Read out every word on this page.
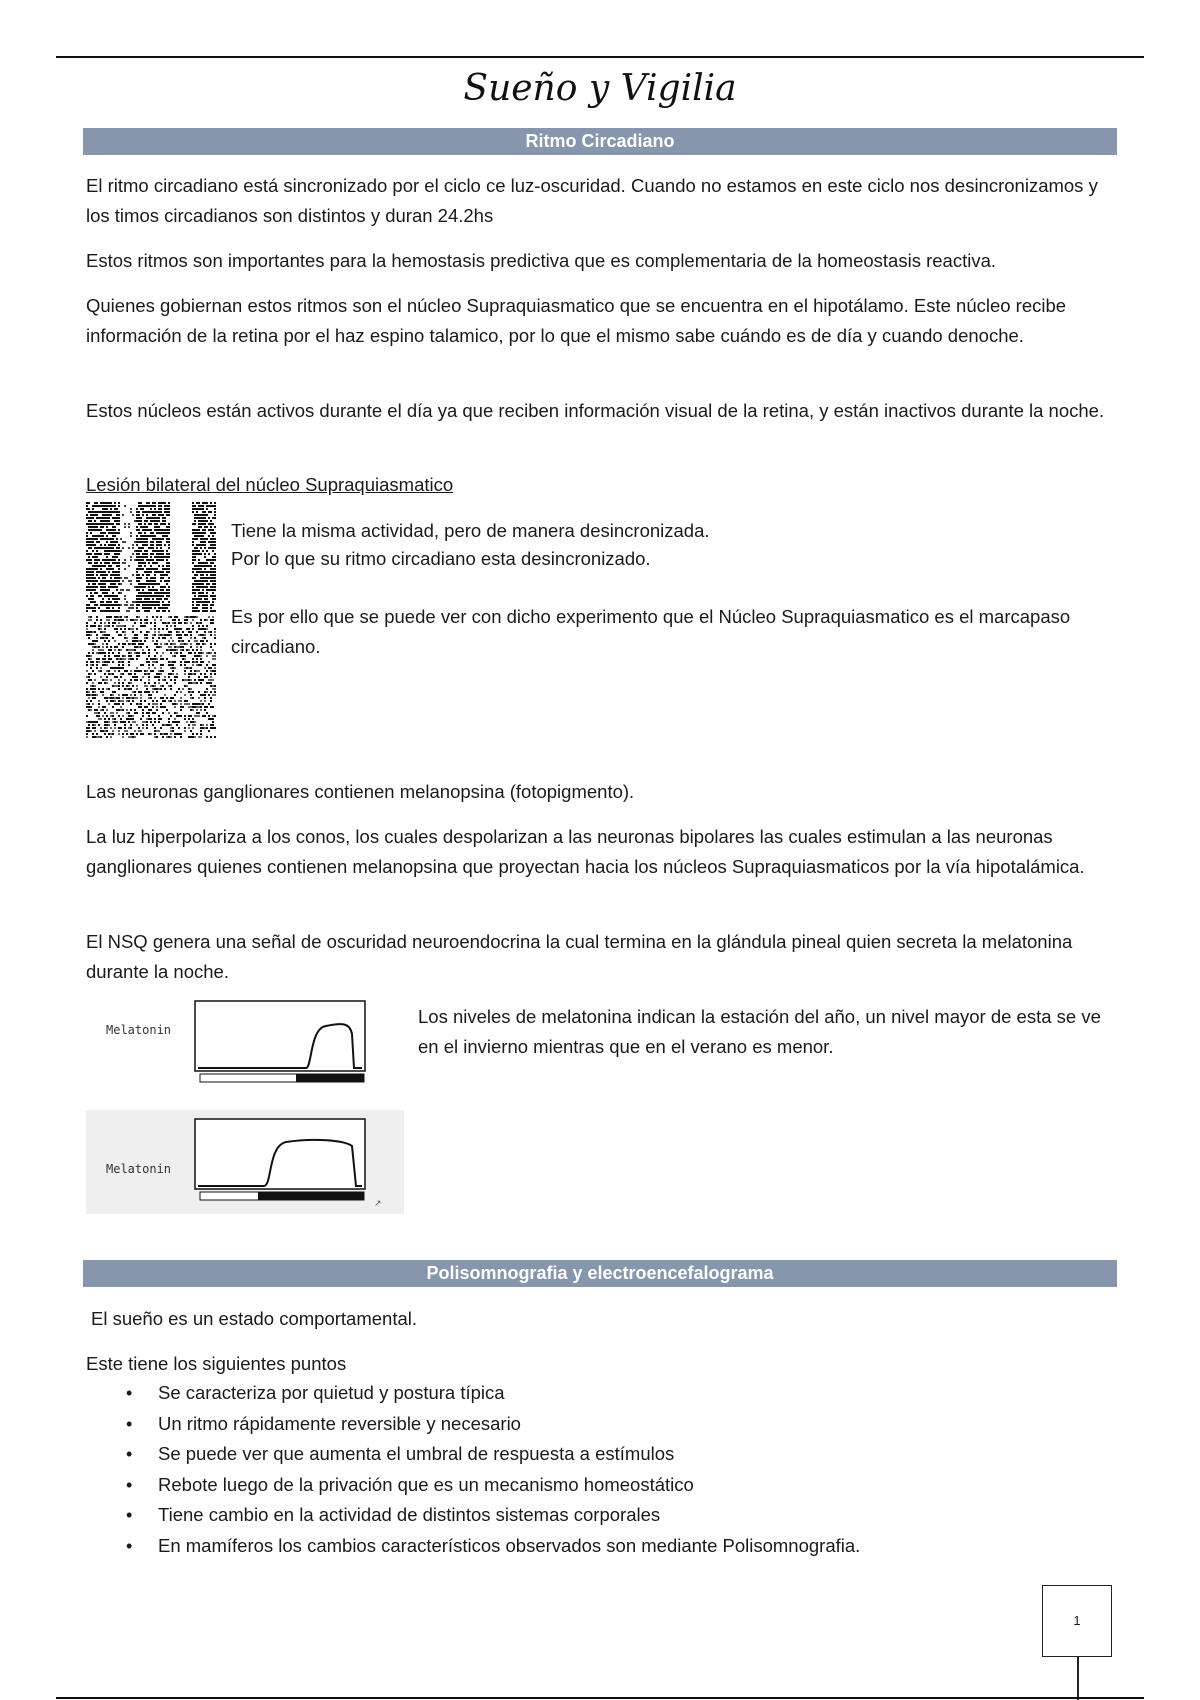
Sueño y Vigilia
Ritmo Circadiano

El ritmo circadiano está sincronizado por el ciclo ce luz-oscuridad. Cuando no estamos en este ciclo nos desincronizamos y los timos circadianos son distintos y duran 24.2hs

Estos ritmos son importantes para la hemostasis predictiva que es complementaria de la homeostasis reactiva.

Quienes gobiernan estos ritmos son el núcleo Supraquiasmatico que se encuentra en el hipotálamo. Este núcleo recibe información de la retina por el haz espino talamico, por lo que el mismo sabe cuándo es de día y cuando denoche.

Estos núcleos están activos durante el día ya que reciben información visual de la retina, y están inactivos durante la noche.

Lesión bilateral del núcleo Supraquiasmatico

Tiene la misma actividad, pero de manera desincronizada.

Por lo que su ritmo circadiano esta desincronizado.

Es por ello que se puede ver con dicho experimento que el Núcleo Supraquiasmatico es el marcapaso circadiano.

Las neuronas ganglionares contienen melanopsina (fotopigmento).

La luz hiperpolariza a los conos, los cuales despolarizan a las neuronas bipolares las cuales estimulan a las neuronas ganglionares quienes contienen melanopsina que proyectan hacia los núcleos Supraquiasmaticos por la vía hipotalámica.

El NSQ genera una señal de oscuridad neuroendocrina la cual termina en la glándula pineal quien secreta la melatonina durante la noche.

Melatonin
Melatonin
↗

Los niveles de melatonina indican la estación del año, un nivel mayor de esta se ve en el invierno mientras que en el verano es menor.

Polisomnografia y electroencefalograma

El sueño es un estado comportamental.

Este tiene los siguientes puntos

• Se caracteriza por quietud y postura típica
• Un ritmo rápidamente reversible y necesario
• Se puede ver que aumenta el umbral de respuesta a estímulos
• Rebote luego de la privación que es un mecanismo homeostático
• Tiene cambio en la actividad de distintos sistemas corporales
• En mamíferos los cambios característicos observados son mediante Polisomnografia.
1
